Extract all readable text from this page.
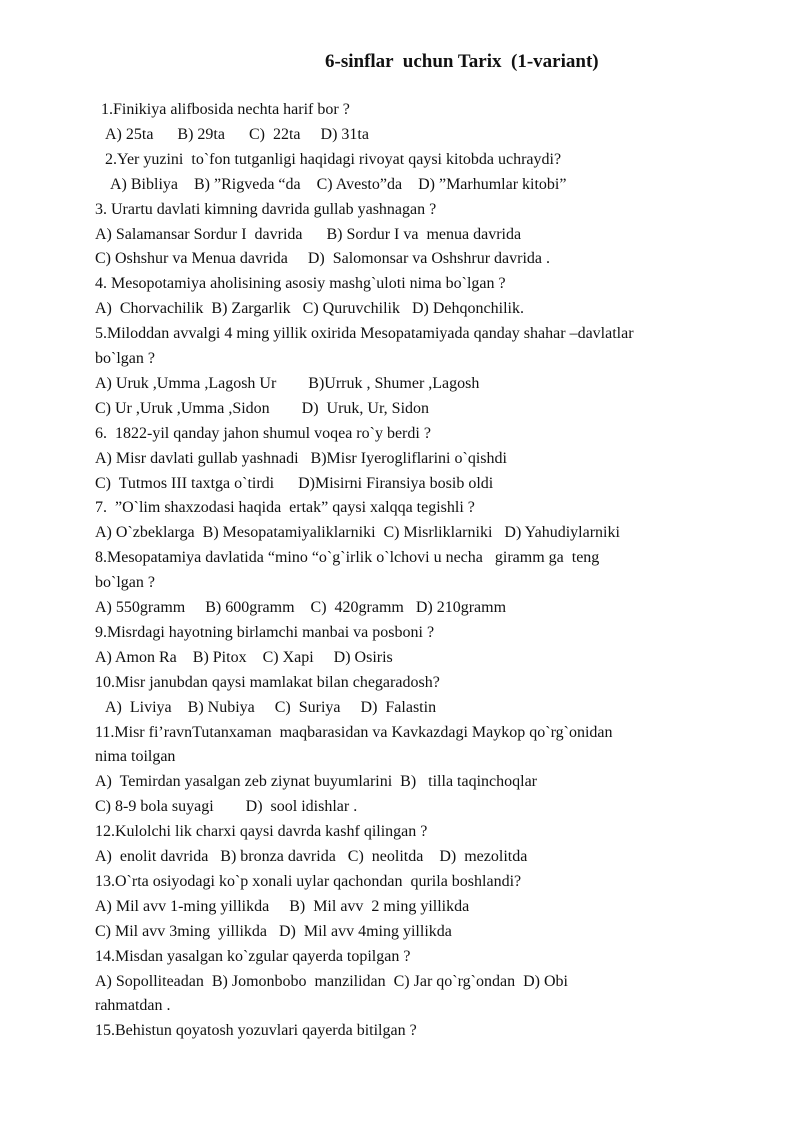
6-sinflar  uchun Tarix  (1-variant)
1.Finikiya alifbosida nechta harif bor ?
A) 25ta      B) 29ta      C)  22ta     D) 31ta
2.Yer yuzini  to`fon tutganligi haqidagi rivoyat qaysi kitobda uchraydi?
A) Bibliya    B) ”Rigveda “da    C) Avesto”da    D) ”Marhumlar kitobi”
3. Urartu davlati kimning davrida gullab yashnagan ?
A) Salamansar Sordur I  davrida      B) Sordur I va  menua davrida
C) Oshshur va Menua davrida     D)  Salomonsar va Oshshrur davrida .
4. Mesopotamiya aholisining asosiy mashg`uloti nima bo`lgan ?
A)  Chorvachilik  B) Zargarlik   C) Quruvchilik   D) Dehqonchilik.
5.Miloddan avvalgi 4 ming yillik oxirida Mesopatamiyada qanday shahar –davlatlar
bo`lgan ?
A) Uruk ,Umma ,Lagosh Ur        B)Urruk , Shumer ,Lagosh
C) Ur ,Uruk ,Umma ,Sidon        D)  Uruk, Ur, Sidon
6.  1822-yil qanday jahon shumul voqea ro`y berdi ?
A) Misr davlati gullab yashnadi   B)Misr Iyerogliflarini o`qishdi
C)  Tutmos III taxtga o`tirdi      D)Misirni Firansiya bosib oldi
7.  ”O`lim shaxzodasi haqida  ertak” qaysi xalqqa tegishli ?
A) O`zbeklarga  B) Mesopatamiyaliklarniki  C) Misrliklarniki   D) Yahudiylarniki
8.Mesopatamiya davlatida “mino “o`g`irlik o`lchovi u necha   giramm ga  teng
bo`lgan ?
A) 550gramm     B) 600gramm    C)  420gramm   D) 210gramm
9.Misrdagi hayotning birlamchi manbai va posboni ?
A) Amon Ra    B) Pitox    C) Xapi     D) Osiris
10.Misr janubdan qaysi mamlakat bilan chegaradosh?
A)  Liviya    B) Nubiya     C)  Suriya     D)  Falastin
11.Misr fi’ravnTutanxaman  maqbarasidan va Kavkazdagi Maykop qo`rg`onidan
nima toilgan
A)  Temirdan yasalgan zeb ziynat buyumlarini  B)   tilla taqinchoqlar
C) 8-9 bola suyagi        D)  sool idishlar .
12.Kulolchi lik charxi qaysi davrda kashf qilingan ?
A)  enolit davrida   B) bronza davrida   C)  neolitda    D)  mezolitda
13.O`rta osiyodagi ko`p xonali uylar qachondan  qurila boshlandi?
A) Mil avv 1-ming yillikda     B)  Mil avv  2 ming yillikda
C) Mil avv 3ming  yillikda   D)  Mil avv 4ming yillikda
14.Misdan yasalgan ko`zgular qayerda topilgan ?
A) Sopolliteadan  B) Jomonbobo  manzilidan  C) Jar qo`rg`ondan  D) Obi
rahmatdan .
15.Behistun qoyatosh yozuvlari qayerda bitilgan ?
